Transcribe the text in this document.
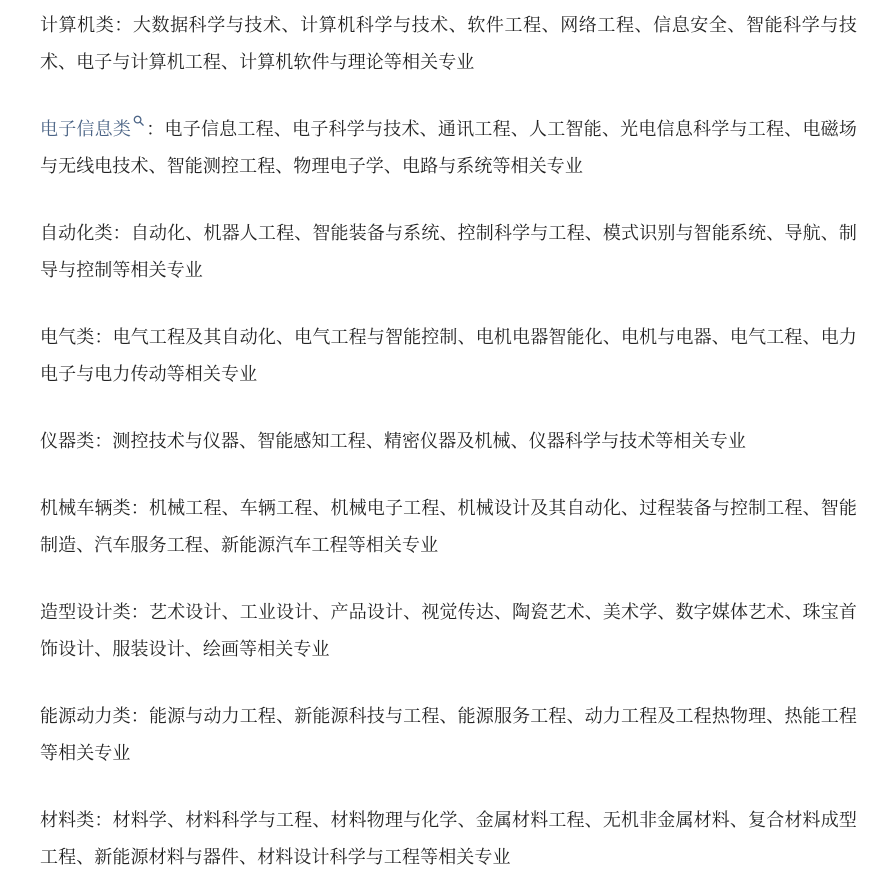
计算机类：大数据科学与技术、计算机科学与技术、软件工程、网络工程、信息安全、智能科学与技术、电子与计算机工程、计算机软件与理论等相关专业

电子信息类 ：电子信息工程、电子科学与技术、通讯工程、人工智能、光电信息科学与工程、电磁场与无线电技术、智能测控工程、物理电子学、电路与系统等相关专业

自动化类：自动化、机器人工程、智能装备与系统、控制科学与工程、模式识别与智能系统、导航、制导与控制等相关专业

电气类：电气工程及其自动化、电气工程与智能控制、电机电器智能化、电机与电器、电气工程、电力电子与电力传动等相关专业

仪器类：测控技术与仪器、智能感知工程、精密仪器及机械、仪器科学与技术等相关专业

机械车辆类：机械工程、车辆工程、机械电子工程、机械设计及其自动化、过程装备与控制工程、智能制造、汽车服务工程、新能源汽车工程等相关专业

造型设计类：艺术设计、工业设计、产品设计、视觉传达、陶瓷艺术、美术学、数字媒体艺术、珠宝首饰设计、服装设计、绘画等相关专业

能源动力类：能源与动力工程、新能源科技与工程、能源服务工程、动力工程及工程热物理、热能工程等相关专业

材料类：材料学、材料科学与工程、材料物理与化学、金属材料工程、无机非金属材料、复合材料成型工程、新能源材料与器件、材料设计科学与工程等相关专业
